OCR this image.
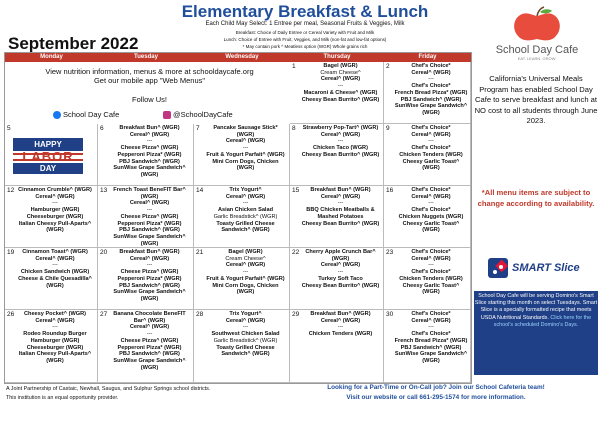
Elementary Breakfast & Lunch
Each Child May Select: 1 Entree per meal, Seasonal Fruits & Veggies, Milk
Breakfast: Choice of Daily Entree or Cereal Variety with Fruit and Milk
Lunch: Choice of Entree with Fruit, Veggies, and Milk (non-fat and low-fat options)
* May contain pork ^ Meatless option (WGR) Whole grains rich
September 2022	School Day Cafe
EAT. LEARN. GROW.
Monday	Tuesday	Wednesday	Thursday	Friday
View nutrition information, menus & more at schooldaycafe.org
Get our mobile app "Web Menus"
Follow Us!
School Day Cafe	@SchoolDayCafe
1	Bagel (WGR)
Cream Cheese^
Cereal^ (WGR)
---
Macaroni & Cheese^ (WGR)
Cheesy Bean Burrito^ (WGR)
2	Chef's Choice*
Cereal^ (WGR)
---
Chef's Choice*
French Bread Pizza* (WGR)
PBJ Sandwich^ (WGR)
SunWise Grape Sandwich^ (WGR)
5
HAPPY
LABOR
DAY
6	Breakfast Bun^ (WGR)
Cereal^ (WGR)
---
Cheese Pizza^ (WGR)
Pepperoni Pizza* (WGR)
PBJ Sandwich^ (WGR)
SunWise Grape Sandwich^ (WGR)
7	Pancake Sausage Stick* (WGR)
Cereal^ (WGR)
---
Fruit & Yogurt Parfait^ (WGR)
Mini Corn Dogs, Chicken (WGR)
8	Strawberry Pop-Tart^ (WGR)
Cereal^ (WGR)
---
Chicken Taco (WGR)
Cheesy Bean Burrito^ (WGR)
9	Chef's Choice*
Cereal^ (WGR)
---
Chef's Choice*
Chicken Tenders (WGR)
Cheesy Garlic Toast^ (WGR)
12 Cinnamon Crumble^ (WGR)
Cereal^ (WGR)
---
Hamburger (WGR)
Cheeseburger (WGR)
Italian Cheesy Pull-Aparts^ (WGR)
13	French Toast BeneFIT Bar^ (WGR)
Cereal^ (WGR)
---
Cheese Pizza^ (WGR)
Pepperoni Pizza* (WGR)
PBJ Sandwich^ (WGR)
SunWise Grape Sandwich^ (WGR)
14	Trix Yogurt^
Cereal^ (WGR)
---
Asian Chicken Salad
Garlic Breadstick^ (WGR)
Toasty Grilled Cheese Sandwich^ (WGR)
15	Breakfast Bun^ (WGR)
Cereal^ (WGR)
---
BBQ Chicken Meatballs & Mashed Potatoes
Cheesy Bean Burrito^ (WGR)
16	Chef's Choice*
Cereal^ (WGR)
---
Chef's Choice*
Chicken Nuggets (WGR)
Cheesy Garlic Toast^ (WGR)
19	Cinnamon Toast^ (WGR)
Cereal^ (WGR)
---
Chicken Sandwich (WGR)
Cheese & Chile Quesadilla^ (WGR)
20	Breakfast Bun^ (WGR)
Cereal^ (WGR)
---
Cheese Pizza^ (WGR)
Pepperoni Pizza* (WGR)
PBJ Sandwich^ (WGR)
SunWise Grape Sandwich^ (WGR)
21	Bagel (WGR)
Cream Cheese^
Cereal^ (WGR)
---
Fruit & Yogurt Parfait^ (WGR)
Mini Corn Dogs, Chicken (WGR)
22	Cherry Apple Crunch Bar^ (WGR)
Cereal^ (WGR)
---
Turkey Soft Taco
Cheesy Bean Burrito^ (WGR)
23	Chef's Choice*
Cereal^ (WGR)
---
Chef's Choice*
Chicken Tenders (WGR)
Cheesy Garlic Toast^ (WGR)
26	Cheesy Pocket^ (WGR)
Cereal^ (WGR)
---
Rodeo Roundup Burger
Hamburger (WGR)
Cheeseburger (WGR)
Italian Cheesy Pull-Aparts^ (WGR)
27	Banana Chocolate BeneFIT Bar^ (WGR)
Cereal^ (WGR)
---
Cheese Pizza^ (WGR)
Pepperoni Pizza* (WGR)
PBJ Sandwich^ (WGR)
SunWise Grape Sandwich^ (WGR)
28	Trix Yogurt^
Cereal^ (WGR)
---
Southwest Chicken Salad
Garlic Breadstick^ (WGR)
Toasty Grilled Cheese Sandwich^ (WGR)
29	Breakfast Bun^ (WGR)
Cereal^ (WGR)
---
Chicken Tenders (WGR)
30	Chef's Choice*
Cereal^ (WGR)
---
Chef's Choice*
French Bread Pizza* (WGR)
PBJ Sandwich^ (WGR)
SunWise Grape Sandwich^ (WGR)
California's Universal Meals Program has enabled School Day Cafe to serve breakfast and lunch at NO cost to all students through June 2023.
*All menu items are subject to change according to availability.
SMART Slice
School Day Cafe will be serving Domino's Smart Slice starting this month on select Tuesdays. Smart Slice is a specially formatted recipe that meets USDA Nutritional Standards. Click here for the school's scheduled Domino's Days.
A Joint Partnership of Castaic, Newhall, Saugus, and Sulphur Springs school districts.
This institution is an equal opportunity provider.
Looking for a Part-Time or On-Call job? Join our School Cafeteria team!
Visit our website or call 661-295-1574 for more information.
